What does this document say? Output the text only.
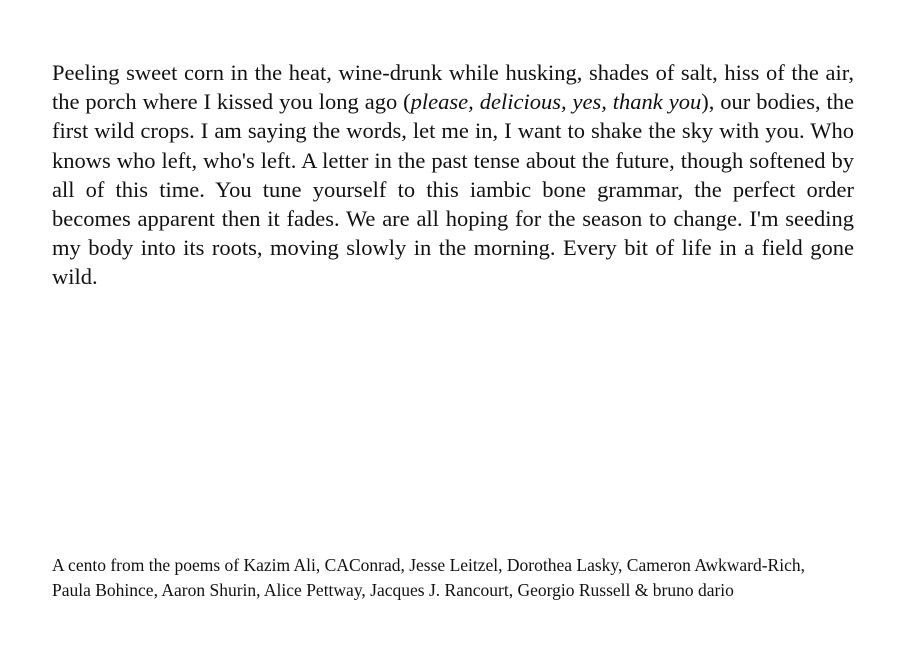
Peeling sweet corn in the heat, wine-drunk while husking, shades of salt, hiss of the air, the porch where I kissed you long ago (please, delicious, yes, thank you), our bodies, the first wild crops. I am saying the words, let me in, I want to shake the sky with you. Who knows who left, who's left. A letter in the past tense about the future, though softened by all of this time. You tune yourself to this iambic bone grammar, the perfect order becomes apparent then it fades. We are all hoping for the season to change. I'm seeding my body into its roots, moving slowly in the morning. Every bit of life in a field gone wild.

A cento from the poems of Kazim Ali, CAConrad, Jesse Leitzel, Dorothea Lasky, Cameron Awkward-Rich, Paula Bohince, Aaron Shurin, Alice Pettway, Jacques J. Rancourt, Georgio Russell & bruno dario
